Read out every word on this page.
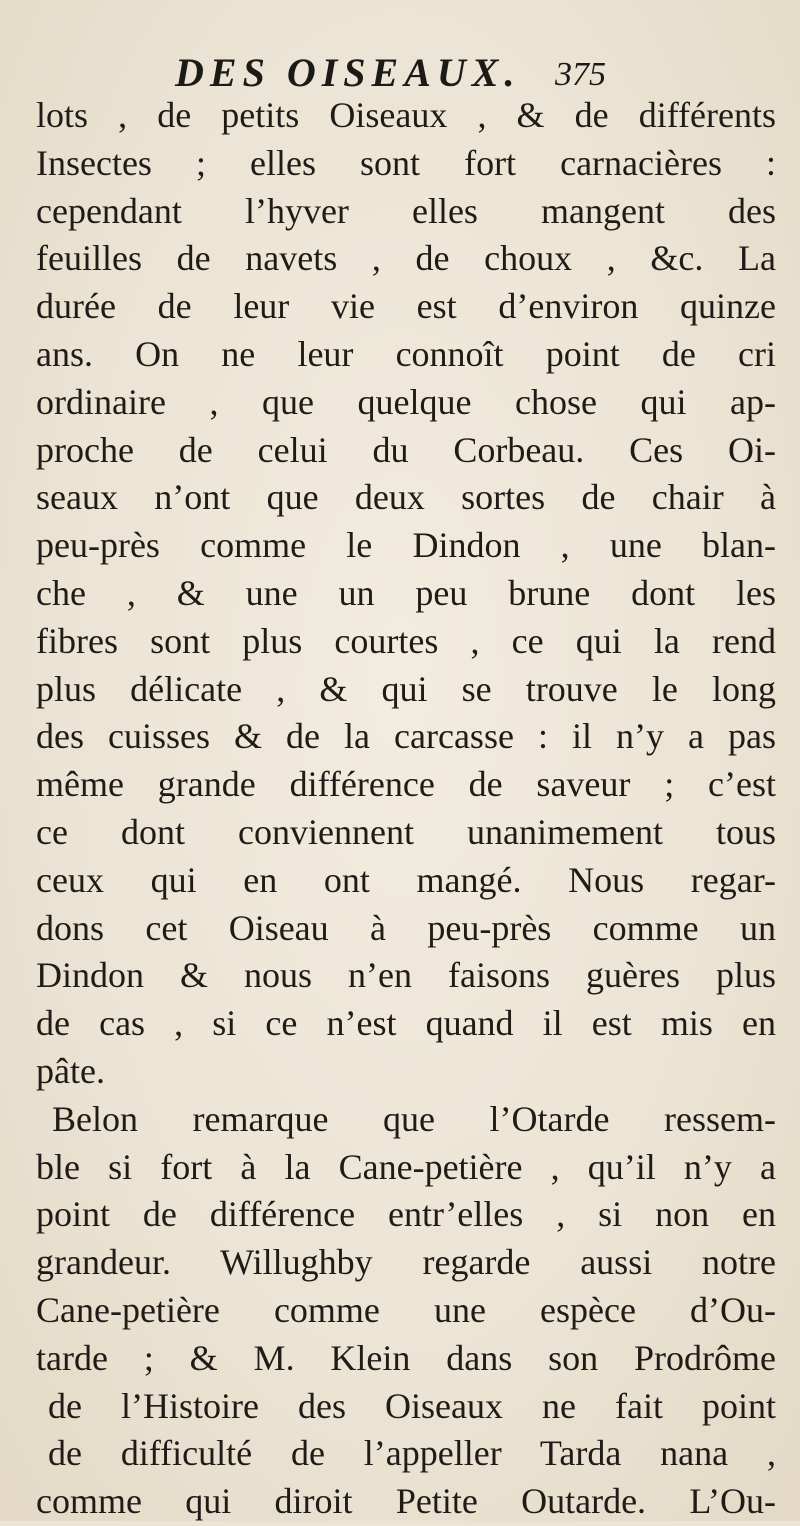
DES OISEAUX. 375
lots , de petits Oiseaux , & de différents
Insectes ; elles sont fort carnacières :
cependant l’hyver elles mangent des
feuilles de navets , de choux , &c. La
durée de leur vie est d’environ quinze
ans. On ne leur connoît point de cri
ordinaire , que quelque chose qui ap-
proche de celui du Corbeau. Ces Oi-
seaux n’ont que deux sortes de chair à
peu-près comme le Dindon , une blan-
che , & une un peu brune dont les
fibres sont plus courtes , ce qui la rend
plus délicate , & qui se trouve le long
des cuisses & de la carcasse : il n’y a pas
même grande différence de saveur ; c’est
ce dont conviennent unanimement tous
ceux qui en ont mangé. Nous regar-
dons cet Oiseau à peu-près comme un
Dindon & nous n’en faisons guères plus
de cas , si ce n’est quand il est mis en
pâte.
Belon remarque que l’Otarde ressem-
ble si fort à la Cane-petière , qu’il n’y a
point de différence entr’elles , si non en
grandeur. Willughby regarde aussi notre
Cane-petière comme une espèce d’Ou-
tarde ; & M. Klein dans son Prodrôme
de l’Histoire des Oiseaux ne fait point
de difficulté de l’appeller Tarda nana ,
comme qui diroit Petite Outarde. L’Ou-
